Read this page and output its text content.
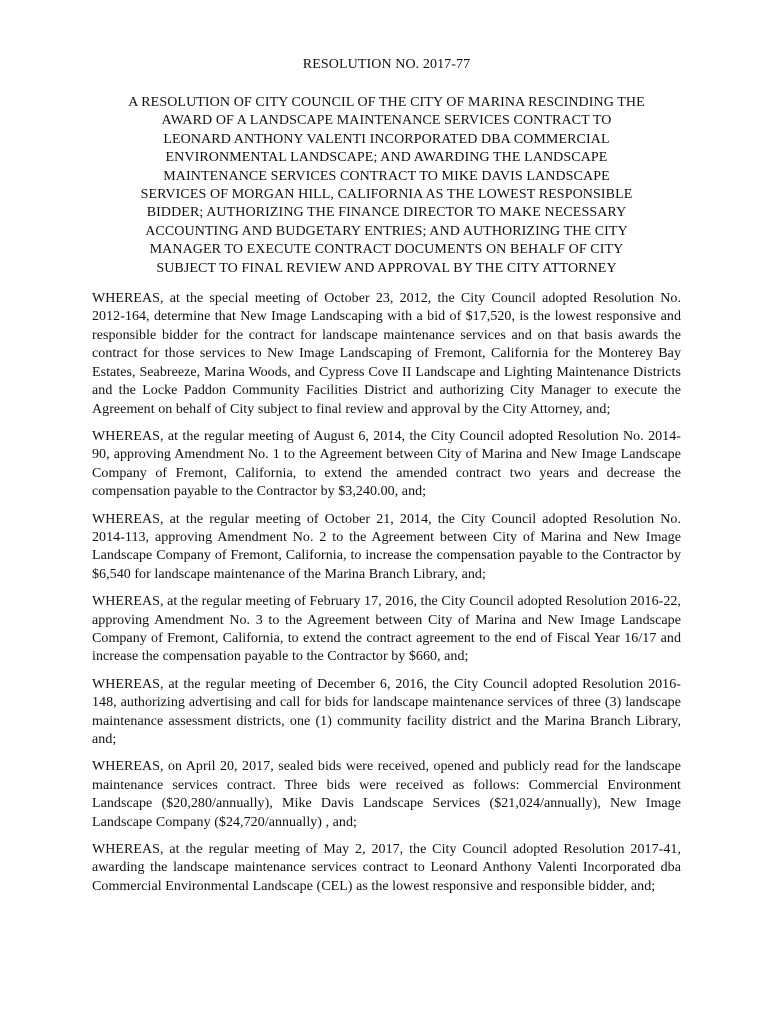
RESOLUTION NO. 2017-77
A RESOLUTION OF CITY COUNCIL OF THE CITY OF MARINA RESCINDING THE
AWARD OF A LANDSCAPE MAINTENANCE SERVICES CONTRACT TO
LEONARD ANTHONY VALENTI INCORPORATED DBA COMMERCIAL
ENVIRONMENTAL LANDSCAPE; AND AWARDING THE LANDSCAPE
MAINTENANCE SERVICES CONTRACT TO MIKE DAVIS LANDSCAPE
SERVICES OF MORGAN HILL, CALIFORNIA AS THE LOWEST RESPONSIBLE
BIDDER; AUTHORIZING THE FINANCE DIRECTOR TO MAKE NECESSARY
ACCOUNTING AND BUDGETARY ENTRIES; AND AUTHORIZING THE CITY
MANAGER TO EXECUTE CONTRACT DOCUMENTS ON BEHALF OF CITY
SUBJECT TO FINAL REVIEW AND APPROVAL BY THE CITY ATTORNEY

WHEREAS, at the special meeting of October 23, 2012, the City Council adopted Resolution No. 2012-164, determine that New Image Landscaping with a bid of $17,520, is the lowest responsive and responsible bidder for the contract for landscape maintenance services and on that basis awards the contract for those services to New Image Landscaping of Fremont, California for the Monterey Bay Estates, Seabreeze, Marina Woods, and Cypress Cove II Landscape and Lighting Maintenance Districts and the Locke Paddon Community Facilities District and authorizing City Manager to execute the Agreement on behalf of City subject to final review and approval by the City Attorney, and;

WHEREAS, at the regular meeting of August 6, 2014, the City Council adopted Resolution No. 2014-90, approving Amendment No. 1 to the Agreement between City of Marina and New Image Landscape Company of Fremont, California, to extend the amended contract two years and decrease the compensation payable to the Contractor by $3,240.00, and;

WHEREAS, at the regular meeting of October 21, 2014, the City Council adopted Resolution No. 2014-113, approving Amendment No. 2 to the Agreement between City of Marina and New Image Landscape Company of Fremont, California, to increase the compensation payable to the Contractor by $6,540 for landscape maintenance of the Marina Branch Library, and;

WHEREAS, at the regular meeting of February 17, 2016, the City Council adopted Resolution 2016-22, approving Amendment No. 3 to the Agreement between City of Marina and New Image Landscape Company of Fremont, California, to extend the contract agreement to the end of Fiscal Year 16/17 and increase the compensation payable to the Contractor by $660, and;

WHEREAS, at the regular meeting of December 6, 2016, the City Council adopted Resolution 2016-148, authorizing advertising and call for bids for landscape maintenance services of three (3) landscape maintenance assessment districts, one (1) community facility district and the Marina Branch Library, and;

WHEREAS, on April 20, 2017, sealed bids were received, opened and publicly read for the landscape maintenance services contract. Three bids were received as follows: Commercial Environment Landscape ($20,280/annually), Mike Davis Landscape Services ($21,024/annually), New Image Landscape Company ($24,720/annually) , and;

WHEREAS, at the regular meeting of May 2, 2017, the City Council adopted Resolution 2017-41, awarding the landscape maintenance services contract to Leonard Anthony Valenti Incorporated dba Commercial Environmental Landscape (CEL) as the lowest responsive and responsible bidder, and;
